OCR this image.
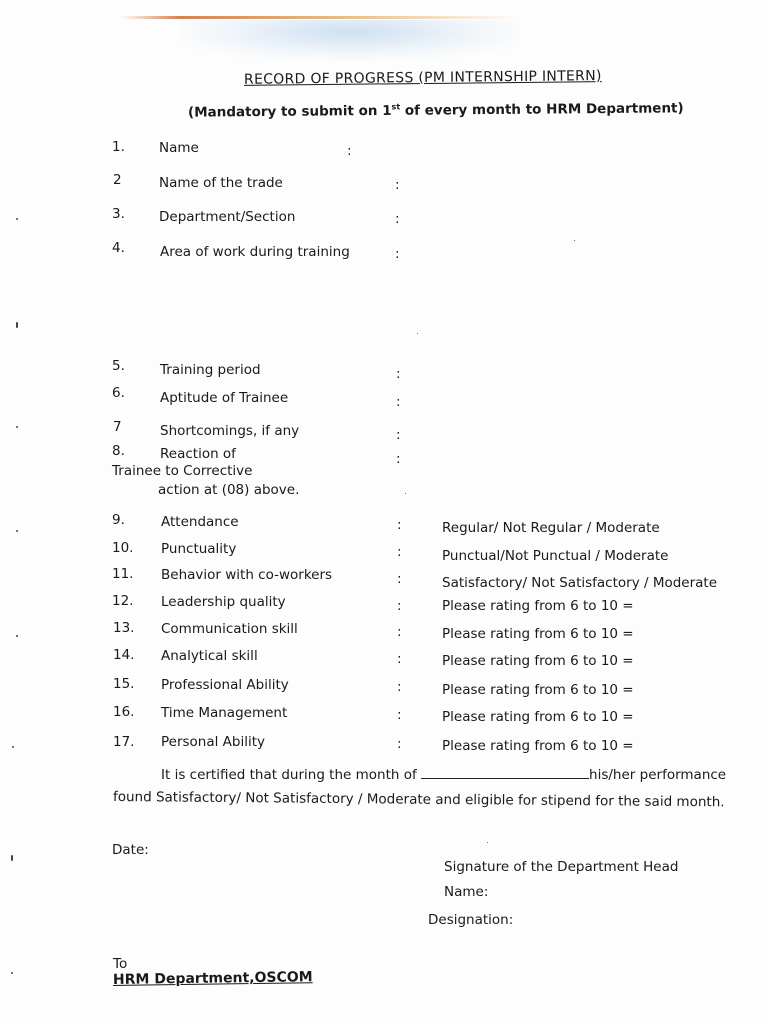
RECORD OF PROGRESS (PM INTERNSHIP INTERN)
(Mandatory to submit on 1st of every month to HRM Department)
1.	Name	:
2	Name of the trade	:
3.	Department/Section	:
4.	Area of work during training	:
5.	Training period	:
6.	Aptitude of Trainee	:
7	Shortcomings, if any	:
8.	Reaction of	:
Trainee to Corrective
action at (08) above.
9.	Attendance	:	Regular/ Not Regular / Moderate
10. Punctuality	:	Punctual/Not Punctual / Moderate
11. Behavior with co-workers	:	Satisfactory/ Not Satisfactory / Moderate
12. Leadership quality	:	Please rating from 6 to 10 =
13. Communication skill	:	Please rating from 6 to 10 =
14. Analytical skill	:	Please rating from 6 to 10 =
15. Professional Ability	:	Please rating from 6 to 10 =
16. Time Management	:	Please rating from 6 to 10 =
17. Personal Ability	:	Please rating from 6 to 10 =
It is certified that during the month of	his/her performance
found Satisfactory/ Not Satisfactory / Moderate and eligible for stipend for the said month.
Date:
Signature of the Department Head
Name:
Designation:
To
HRM Department,OSCOM
